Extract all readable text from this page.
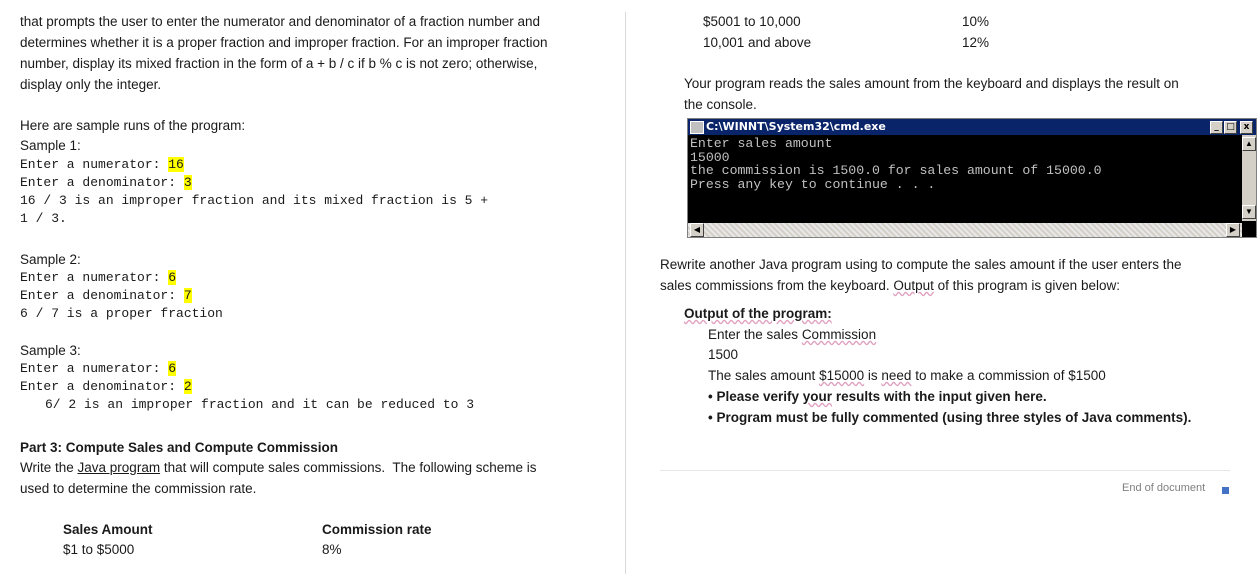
that prompts the user to enter the numerator and denominator of a fraction number and
determines whether it is a proper fraction and improper fraction. For an improper fraction
number, display its mixed fraction in the form of a + b / c if b % c is not zero; otherwise,
display only the integer.
Here are sample runs of the program:
Sample 1:
Enter a numerator: 16
Enter a denominator: 3
16 / 3 is an improper fraction and its mixed fraction is 5 +
1 / 3.
Sample 2:
Enter a numerator: 6
Enter a denominator: 7
6 / 7 is a proper fraction
Sample 3:
Enter a numerator: 6
Enter a denominator: 2
6/ 2 is an improper fraction and it can be reduced to 3
Part 3: Compute Sales and Compute Commission
Write the Java program that will compute sales commissions.  The following scheme is
used to determine the commission rate.
Sales Amount	Commission rate
$1 to $5000	8%
$5001 to 10,000	10%
10,001 and above	12%
Your program reads the sales amount from the keyboard and displays the result on
the console.
C:\WINNT\System32\cmd.exe	_ □ x
Enter sales amount
15000
the commission is 1500.0 for sales amount of 15000.0
Press any key to continue . . .
▲
▼
◀	▶
Rewrite another Java program using to compute the sales amount if the user enters the
sales commissions from the keyboard. Output of this program is given below:
Output of the program:
Enter the sales Commission
1500
The sales amount $15000 is need to make a commission of $1500
• Please verify your results with the input given here.
• Program must be fully commented (using three styles of Java comments).
End of document
